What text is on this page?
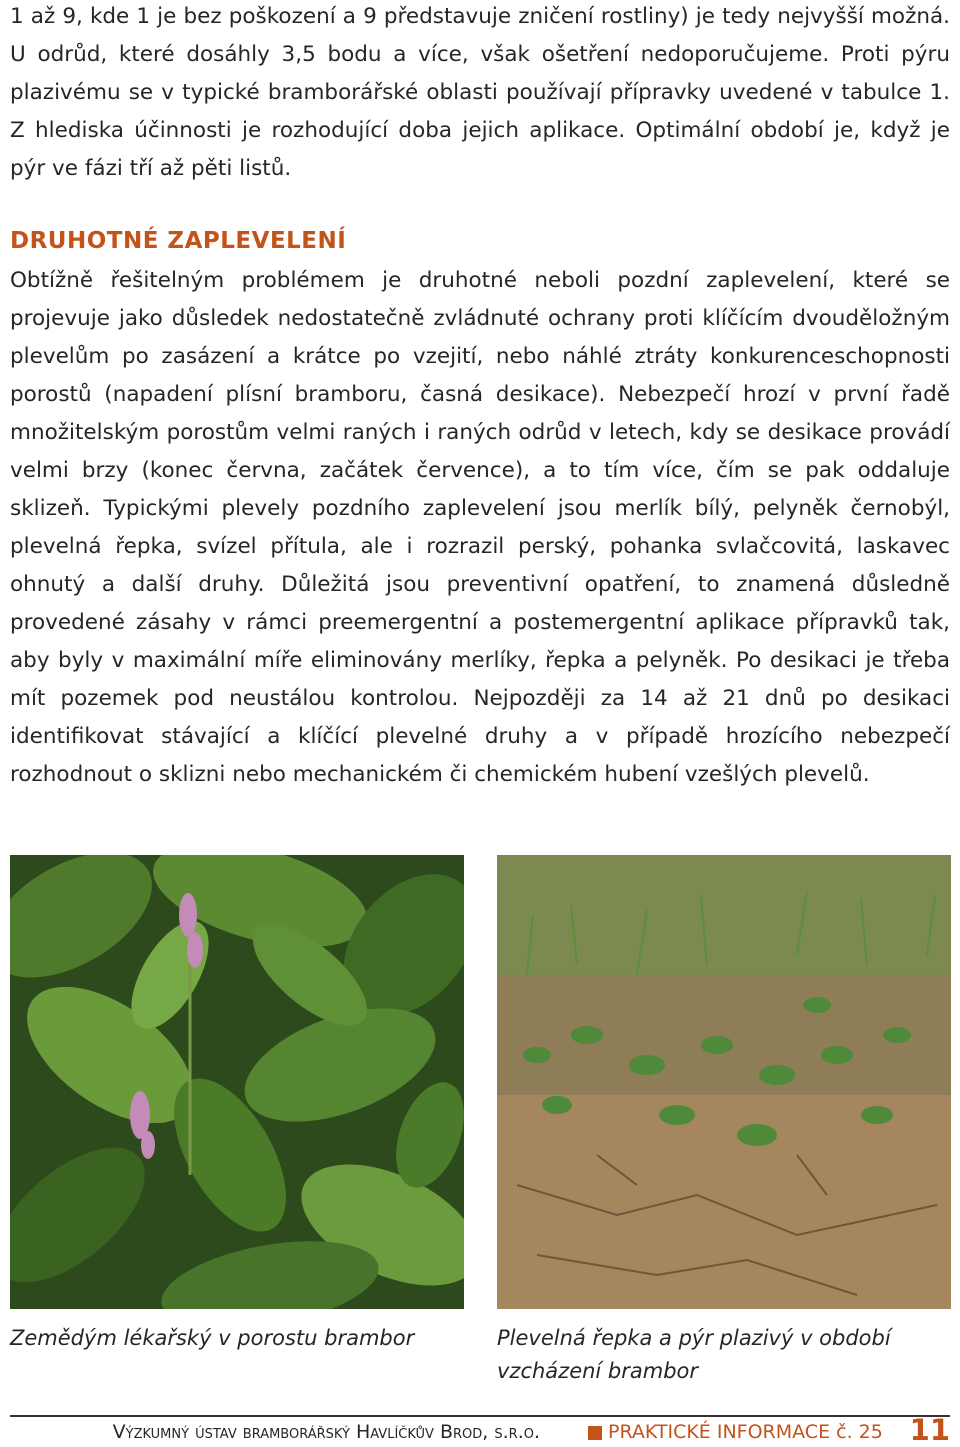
1 až 9, kde 1 je bez poškození a 9 představuje zničení rostliny) je tedy nejvyšší možná. U odrůd, které dosáhly 3,5 bodu a více, však ošetření nedoporučujeme. Proti pýru plazivému se v typické bramborářské oblasti používají přípravky uvedené v tabulce 1. Z hlediska účinnosti je rozhodující doba jejich aplikace. Optimální období je, když je pýr ve fázi tří až pěti listů.

DRUHOTNÉ ZAPLEVELENÍ

Obtížně řešitelným problémem je druhotné neboli pozdní zaplevelení, které se projevuje jako důsledek nedostatečně zvládnuté ochrany proti klíčícím dvouděložným plevelům po zasázení a krátce po vzejití, nebo náhlé ztráty konkurenceschopnosti porostů (napadení plísní bramboru, časná desikace). Nebezpečí hrozí v první řadě množitelským porostům velmi raných i raných odrůd v letech, kdy se desikace provádí velmi brzy (konec června, začátek července), a to tím více, čím se pak oddaluje sklizeň. Typickými plevely pozdního zaplevelení jsou merlík bílý, pelyněk černobýl, plevelná řepka, svízel přítula, ale i rozrazil perský, pohanka svlačcovitá, laskavec ohnutý a další druhy. Důležitá jsou preventivní opatření, to znamená důsledně provedené zásahy v rámci preemergentní a postemergentní aplikace přípravků tak, aby byly v maximální míře eliminovány merlíky, řepka a pelyněk. Po desikaci je třeba mít pozemek pod neustálou kontrolou. Nejpozději za 14 až 21 dnů po desikaci identifikovat stávající a klíčící plevelné druhy a v případě hrozícího nebezpečí rozhodnout o sklizni nebo mechanickém či chemickém hubení vzešlých plevelů.

Zemědým lékařský v porostu brambor	Plevelná řepka a pýr plazivý v období vzcházení brambor

Výzkumný ústav bramborářský Havlíčkův Brod, s.r.o.	PRAKTICKÉ INFORMACE č. 25 11
